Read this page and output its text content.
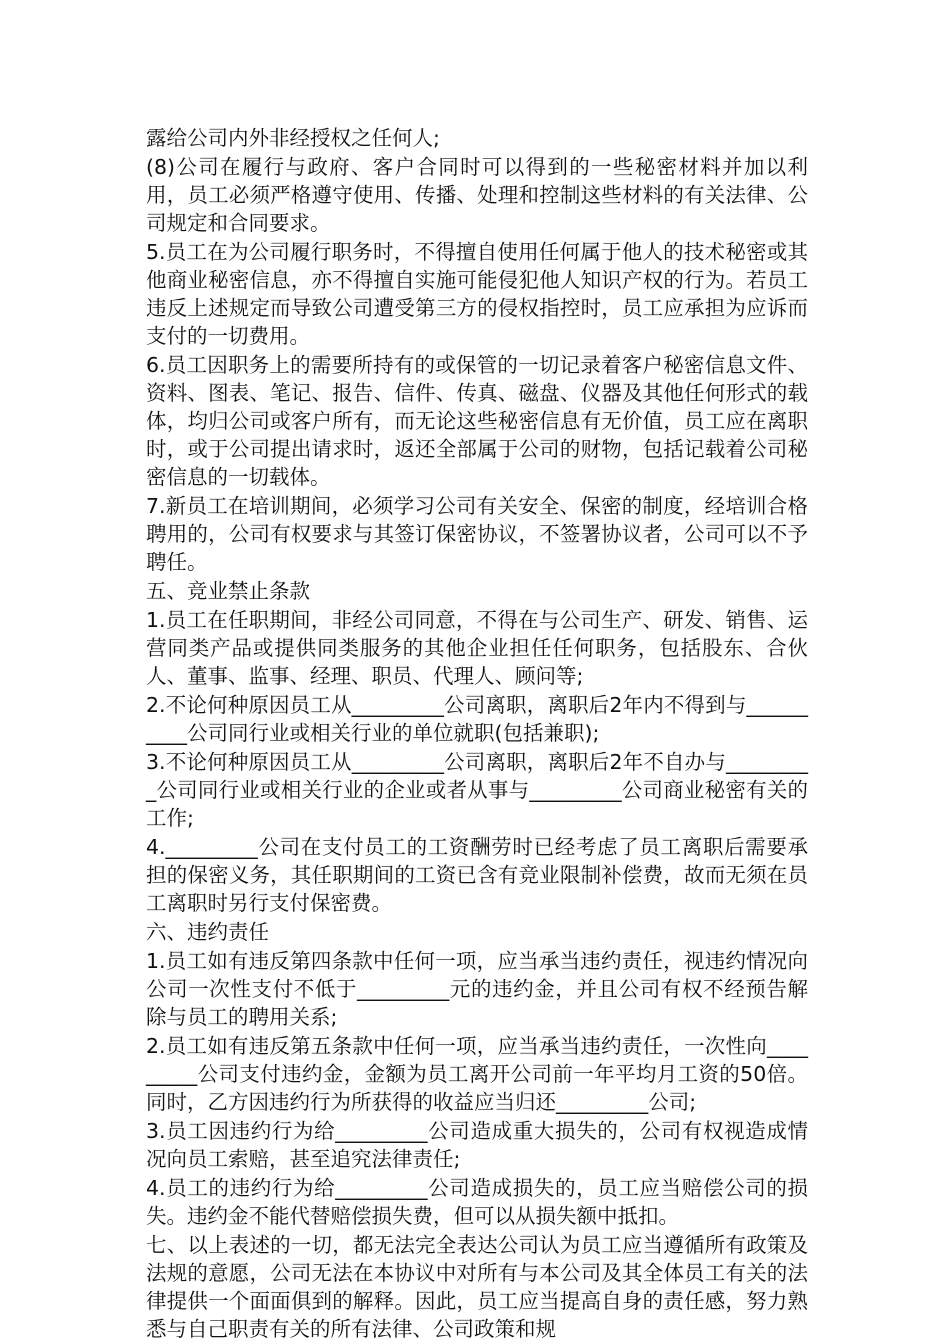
露给公司内外非经授权之任何人;

(8)公司在履行与政府、客户合同时可以得到的一些秘密材料并加以利用，员工必须严格遵守使用、传播、处理和控制这些材料的有关法律、公司规定和合同要求。

5.员工在为公司履行职务时，不得擅自使用任何属于他人的技术秘密或其他商业秘密信息，亦不得擅自实施可能侵犯他人知识产权的行为。若员工违反上述规定而导致公司遭受第三方的侵权指控时，员工应承担为应诉而支付的一切费用。

6.员工因职务上的需要所持有的或保管的一切记录着客户秘密信息文件、资料、图表、笔记、报告、信件、传真、磁盘、仪器及其他任何形式的载体，均归公司或客户所有，而无论这些秘密信息有无价值，员工应在离职时，或于公司提出请求时，返还全部属于公司的财物，包括记载着公司秘密信息的一切载体。

7.新员工在培训期间，必须学习公司有关安全、保密的制度，经培训合格聘用的，公司有权要求与其签订保密协议，不签署协议者，公司可以不予聘任。

五、竞业禁止条款

1.员工在任职期间，非经公司同意，不得在与公司生产、研发、销售、运营同类产品或提供同类服务的其他企业担任任何职务，包括股东、合伙人、董事、监事、经理、职员、代理人、顾问等;

2.不论何种原因员工从_________公司离职，离职后2年内不得到与__________公司同行业或相关行业的单位就职(包括兼职);

3.不论何种原因员工从_________公司离职，离职后2年不自办与_________公司同行业或相关行业的企业或者从事与_________公司商业秘密有关的工作;

4._________公司在支付员工的工资酬劳时已经考虑了员工离职后需要承担的保密义务，其任职期间的工资已含有竞业限制补偿费，故而无须在员工离职时另行支付保密费。

六、违约责任

1.员工如有违反第四条款中任何一项，应当承当违约责任，视违约情况向公司一次性支付不低于_________元的违约金，并且公司有权不经预告解除与员工的聘用关系;

2.员工如有违反第五条款中任何一项，应当承当违约责任，一次性向_________公司支付违约金，金额为员工离开公司前一年平均月工资的50倍。同时，乙方因违约行为所获得的收益应当归还_________公司;

3.员工因违约行为给_________公司造成重大损失的，公司有权视造成情况向员工索赔，甚至追究法律责任;

4.员工的违约行为给_________公司造成损失的，员工应当赔偿公司的损失。违约金不能代替赔偿损失费，但可以从损失额中抵扣。

七、以上表述的一切，都无法完全表达公司认为员工应当遵循所有政策及法规的意愿，公司无法在本协议中对所有与本公司及其全体员工有关的法律提供一个面面俱到的解释。因此，员工应当提高自身的责任感，努力熟悉与自己职责有关的所有法律、公司政策和规
